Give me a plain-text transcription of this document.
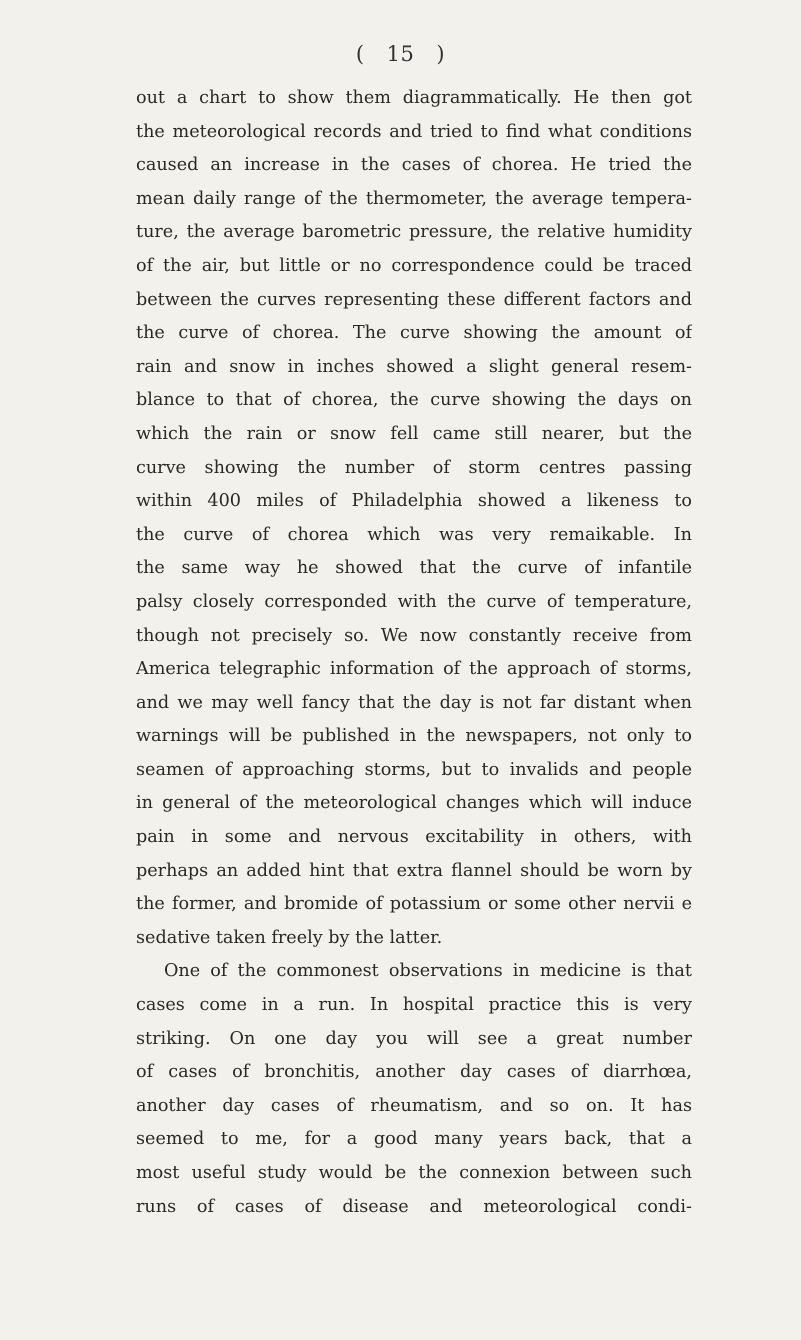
( 15 )
out a chart to show them diagrammatically. He then got
the meteorological records and tried to find what conditions
caused an increase in the cases of chorea. He tried the
mean daily range of the thermometer, the average tempera-
ture, the average barometric pressure, the relative humidity
of the air, but little or no correspondence could be traced
between the curves representing these different factors and
the curve of chorea. The curve showing the amount of
rain and snow in inches showed a slight general resem-
blance to that of chorea, the curve showing the days on
which the rain or snow fell came still nearer, but the
curve showing the number of storm centres passing
within 400 miles of Philadelphia showed a likeness to
the curve of chorea which was very remaikable. In
the same way he showed that the curve of infantile
palsy closely corresponded with the curve of temperature,
though not precisely so. We now constantly receive from
America telegraphic information of the approach of storms,
and we may well fancy that the day is not far distant when
warnings will be published in the newspapers, not only to
seamen of approaching storms, but to invalids and people
in general of the meteorological changes which will induce
pain in some and nervous excitability in others, with
perhaps an added hint that extra flannel should be worn by
the former, and bromide of potassium or some other nervii e
sedative taken freely by the latter.
One of the commonest observations in medicine is that
cases come in a run. In hospital practice this is very
striking. On one day you will see a great number
of cases of bronchitis, another day cases of diarrhœa,
another day cases of rheumatism, and so on. It has
seemed to me, for a good many years back, that a
most useful study would be the connexion between such
runs of cases of disease and meteorological condi-
